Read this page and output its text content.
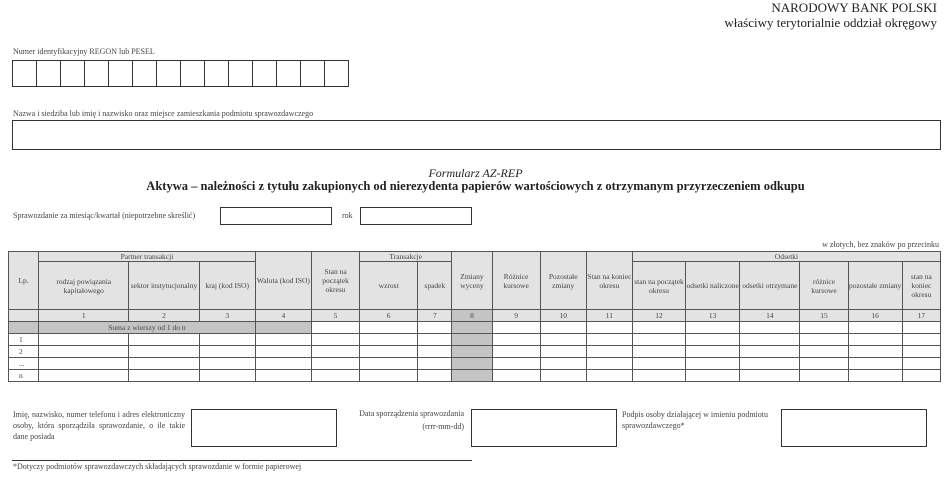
NARODOWY BANK POLSKI
właściwy terytorialnie oddział okręgowy
Numer identyfikacyjny REGON lub PESEL
Nazwa i siedziba lub imię i nazwisko oraz miejsce zamieszkania podmiotu sprawozdawczego
Formularz AZ-REP
Aktywa – należności z tytułu zakupionych od nierezydenta papierów wartościowych z otrzymanym przyrzeczeniem odkupu
Sprawozdanie za miesiąc/kwartał (niepotrzebne skreślić)	rok
w złotych, bez znaków po przecinku
Lp.	Partner transakcji			Waluta (kod ISO)	Stan na początek okresu	Transakcje		Zmiany wyceny	Różnice kursowe	Pozostałe zmiany	Stan na koniec okresu	Odsetki					
	rodzaj powiązania kapitałowego	sektor instytucjonalny	kraj (kod ISO)			wzrost	spadek					stan na początek okresu	odsetki naliczone	odsetki otrzymane	różnice kursowe	pozostałe zmiany	stan na koniec okresu
	1	2	3	4	5	6	7	8	9	10	11	12	13	14	15	16	17
	Suma z wierszy od 1 do n																
1																	
2																	
...																	
n																	
Imię, nazwisko, numer telefonu i adres elektroniczny osoby, która sporządziła sprawozdanie, o ile takie dane posiada
Data sporządzenia sprawozdania
(rrrr-mm-dd)
Podpis osoby działającej w imieniu podmiotu sprawozdawczego*
*Dotyczy podmiotów sprawozdawczych składających sprawozdanie w formie papierowej
